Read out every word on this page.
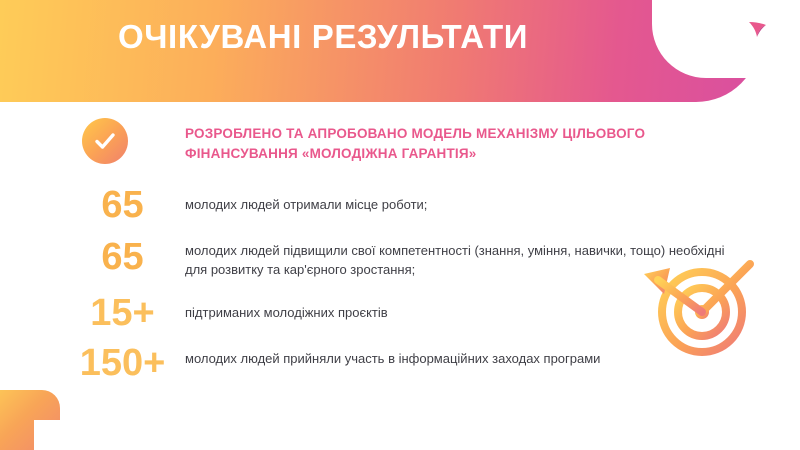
ОЧІКУВАНІ РЕЗУЛЬТАТИ
РОЗРОБЛЕНО ТА АПРОБОВАНО МОДЕЛЬ МЕХАНІЗМУ ЦІЛЬОВОГО ФІНАНСУВАННЯ «МОЛОДІЖНА ГАРАНТІЯ»
65	молодих людей отримали місце роботи;
65	молодих людей підвищили свої компетентності (знання, уміння, навички, тощо) необхідні для розвитку та кар'єрного зростання;
15+	підтриманих молодіжних проєктів
150+	молодих людей прийняли участь в інформаційних заходах програми
